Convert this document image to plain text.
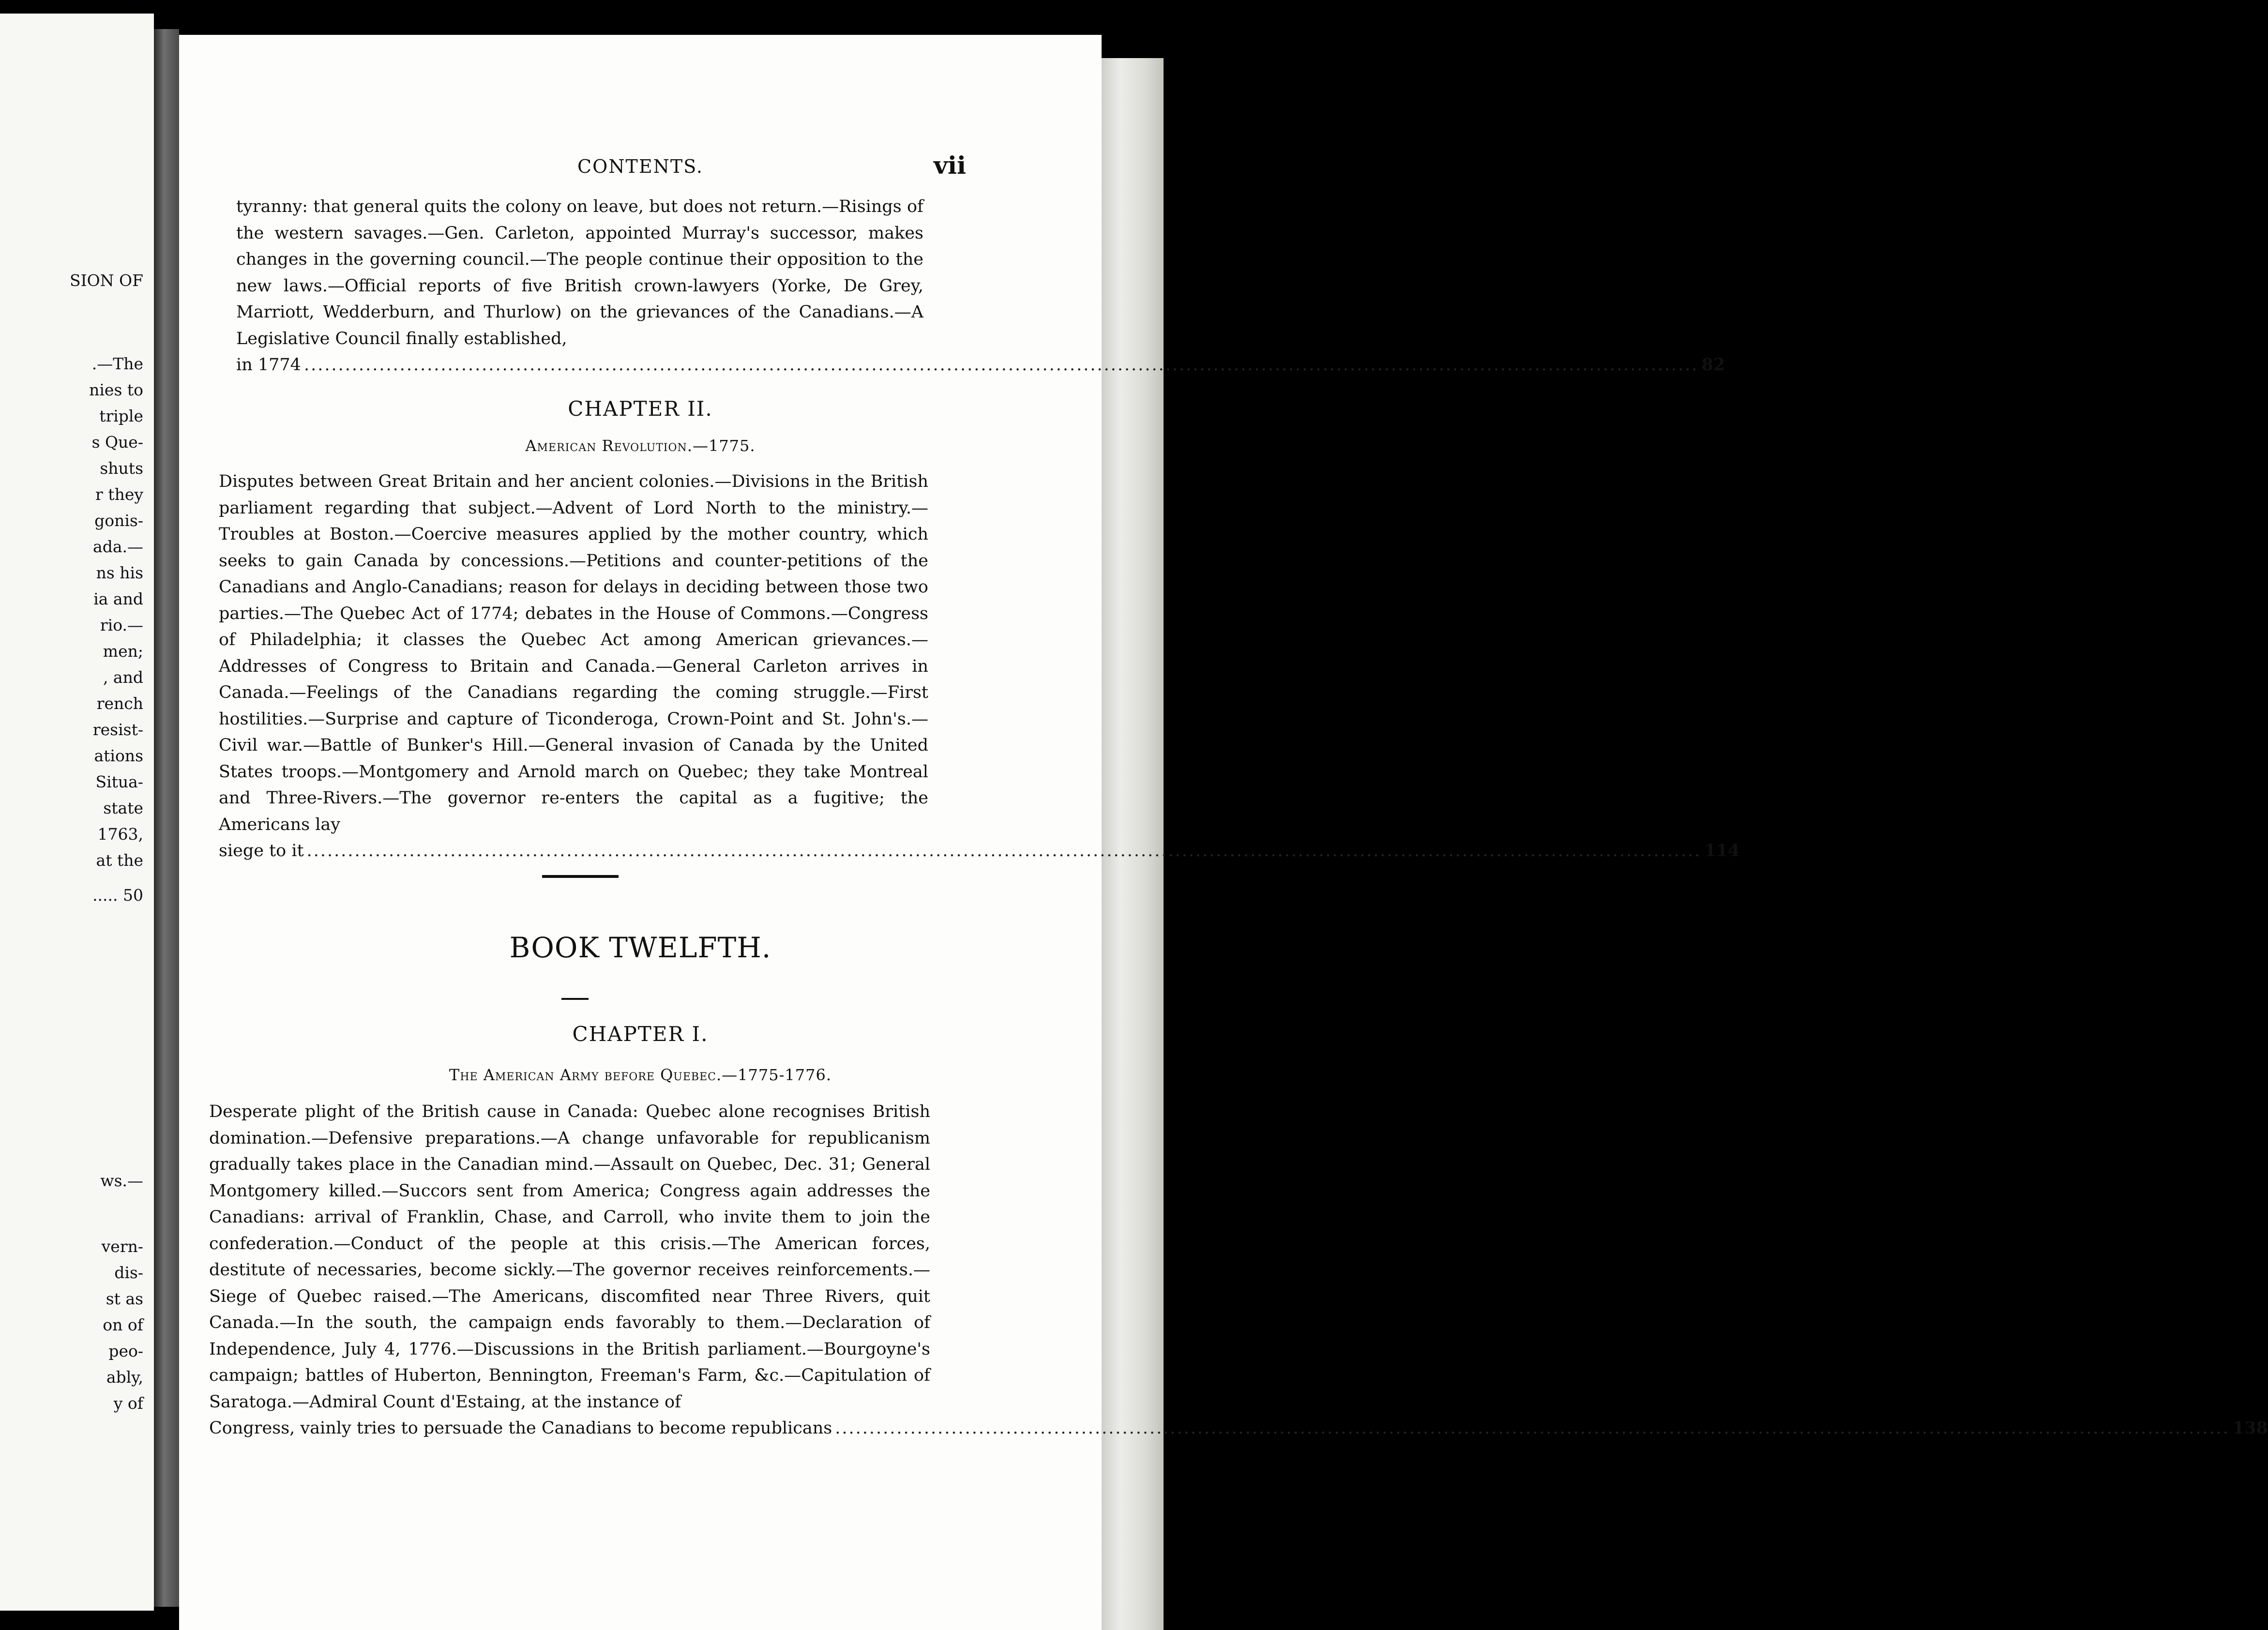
SION OF
.—The
nies to
triple
s Que-
shuts
r they
gonis-
ada.—
ns his
ia and
rio.—
men;
, and
rench
resist-
ations
Situa-
state
1763,
at the
..... 50
ws.—
vern-
dis-
st as
on of
peo-
ably,
y of
CONTENTS.	vii
tyranny: that general quits the colony on leave, but does not return.—Risings of the western savages.—Gen. Carleton, appointed Murray's successor, makes changes in the governing council.—The people continue their opposition to the new laws.—Official reports of five British crown-lawyers (Yorke, De Grey, Marriott, Wedderburn, and Thurlow) on the grievances of the Canadians.—A Legislative Council finally established,
in 1774 ............................................................................................................................................................................................................ 82
CHAPTER II.
American Revolution.—1775.
Disputes between Great Britain and her ancient colonies.—Divisions in the British parliament regarding that subject.—Advent of Lord North to the ministry.—Troubles at Boston.—Coercive measures applied by the mother country, which seeks to gain Canada by concessions.—Petitions and counter-petitions of the Canadians and Anglo-Canadians; reason for delays in deciding between those two parties.—The Quebec Act of 1774; debates in the House of Commons.—Congress of Philadelphia; it classes the Quebec Act among American grievances.—Addresses of Congress to Britain and Canada.—General Carleton arrives in Canada.—Feelings of the Canadians regarding the coming struggle.—First hostilities.—Surprise and capture of Ticonderoga, Crown-Point and St. John's.—Civil war.—Battle of Bunker's Hill.—General invasion of Canada by the United States troops.—Montgomery and Arnold march on Quebec; they take Montreal and Three-Rivers.—The governor re-enters the capital as a fugitive; the Americans lay
siege to it ............................................................................................................................................................................................................ 114
BOOK TWELFTH.
CHAPTER I.
The American Army before Quebec.—1775-1776.
Desperate plight of the British cause in Canada: Quebec alone recognises British domination.—Defensive preparations.—A change unfavorable for republicanism gradually takes place in the Canadian mind.—Assault on Quebec, Dec. 31; General Montgomery killed.—Succors sent from America; Congress again addresses the Canadians: arrival of Franklin, Chase, and Carroll, who invite them to join the confederation.—Conduct of the people at this crisis.—The American forces, destitute of necessaries, become sickly.—The governor receives reinforcements.—Siege of Quebec raised.—The Americans, discomfited near Three Rivers, quit Canada.—In the south, the campaign ends favorably to them.—Declaration of Independence, July 4, 1776.—Discussions in the British parliament.—Bourgoyne's campaign; battles of Huberton, Bennington, Freeman's Farm, &c.—Capitulation of Saratoga.—Admiral Count d'Estaing, at the instance of
Congress, vainly tries to persuade the Canadians to become republicans ............................................................................................................................................................................................................ 138
